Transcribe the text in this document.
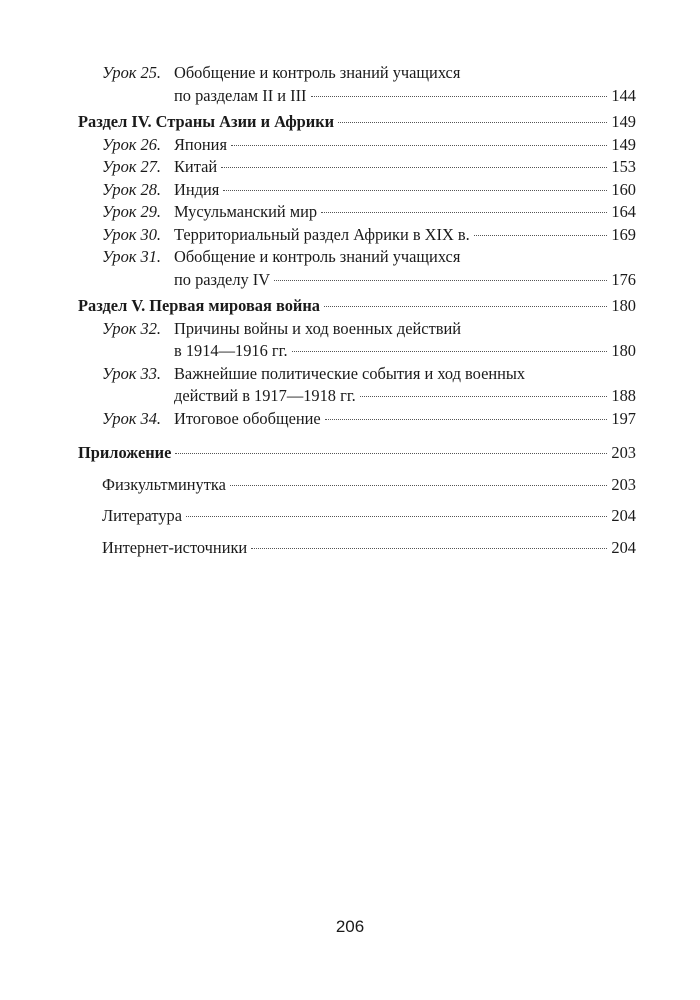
Урок 25. Обобщение и контроль знаний учащихся
по разделам II и III	144
Раздел IV. Страны Азии и Африки	149
Урок 26. Япония	149
Урок 27. Китай	153
Урок 28. Индия	160
Урок 29. Мусульманский мир	164
Урок 30. Территориальный раздел Африки в XIX в.	169
Урок 31. Обобщение и контроль знаний учащихся
по разделу IV	176
Раздел V. Первая мировая война	180
Урок 32. Причины войны и ход военных действий
в 1914—1916 гг.	180
Урок 33. Важнейшие политические события и ход военных
действий в 1917—1918 гг.	188
Урок 34. Итоговое обобщение	197
Приложение	203
Физкультминутка	203
Литература	204
Интернет-источники	204
206
